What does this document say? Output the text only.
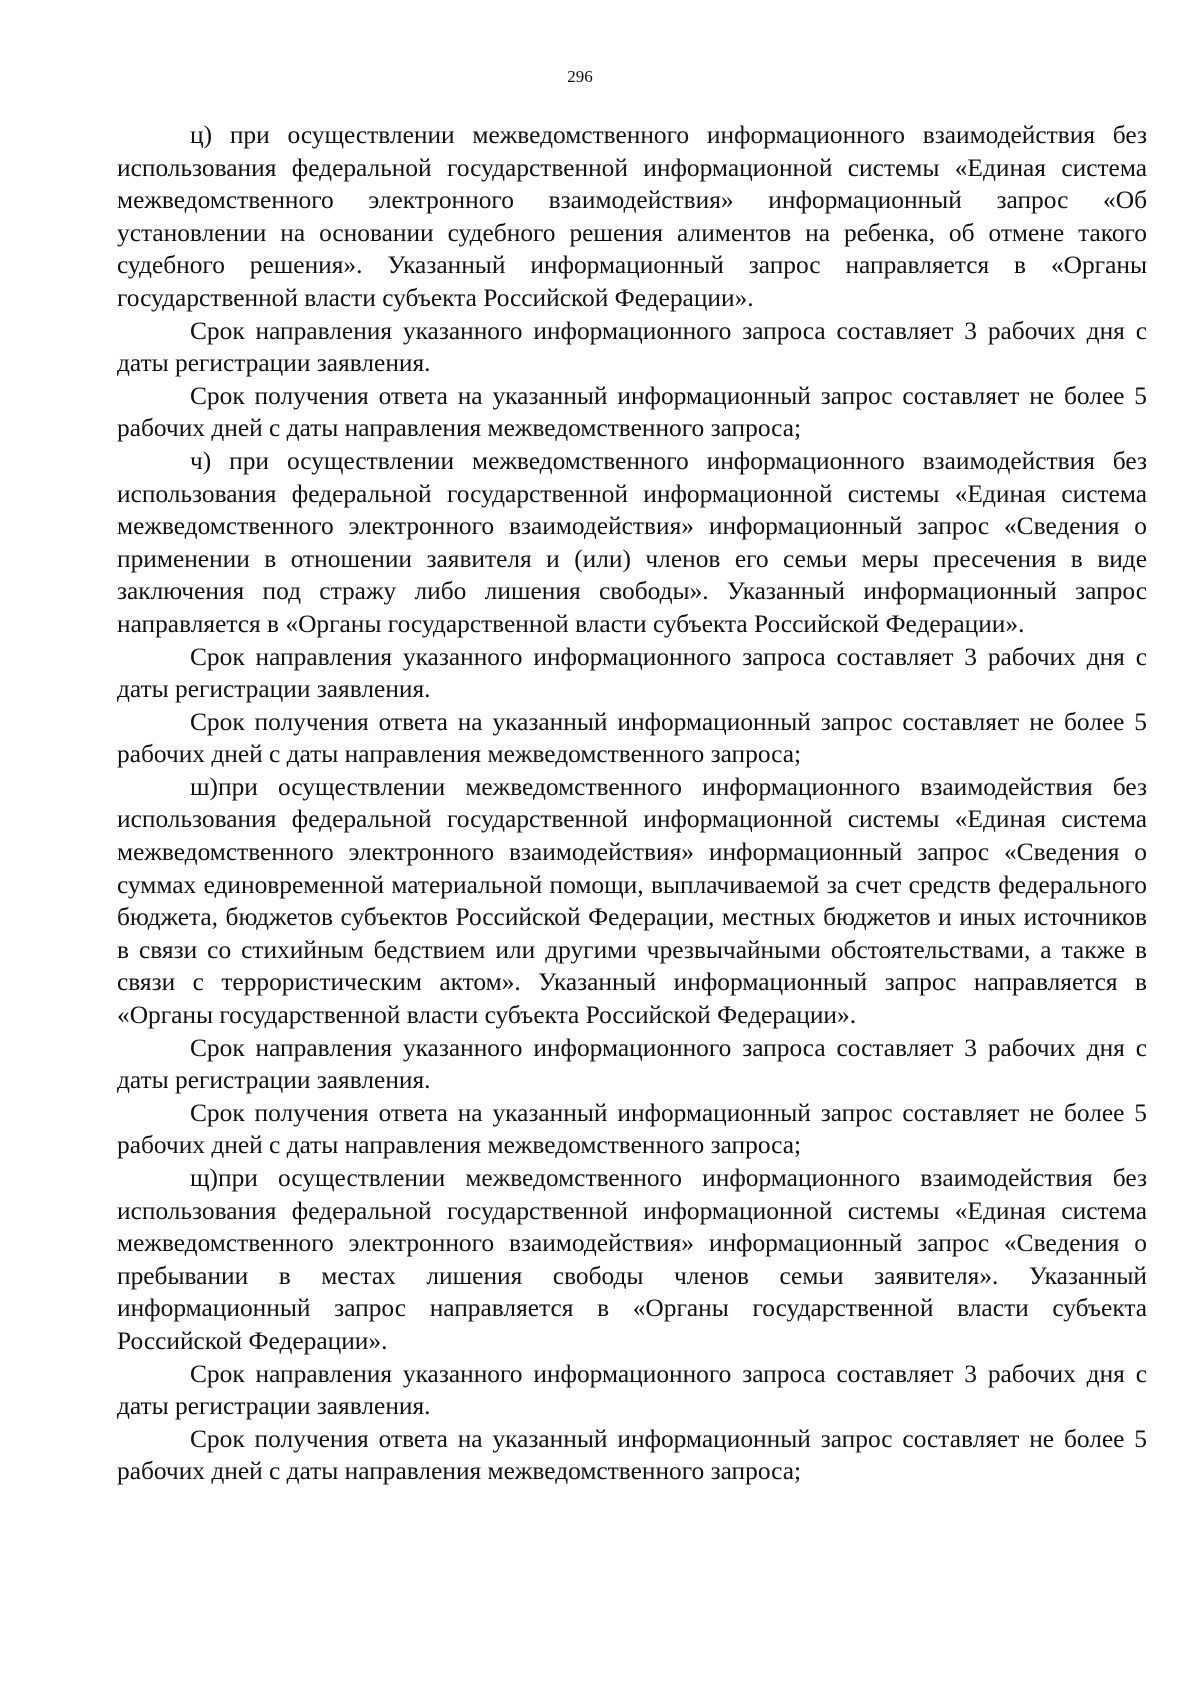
296

ц) при осуществлении межведомственного информационного взаимодействия без использования федеральной государственной информационной системы «Единая система межведомственного электронного взаимодействия» информационный запрос «Об установлении на основании судебного решения алиментов на ребенка, об отмене такого судебного решения». Указанный информационный запрос направляется в «Органы государственной власти субъекта Российской Федерации».

Срок направления указанного информационного запроса составляет 3 рабочих дня с даты регистрации заявления.

Срок получения ответа на указанный информационный запрос составляет не более 5 рабочих дней с даты направления межведомственного запроса;

ч) при осуществлении межведомственного информационного взаимодействия без использования федеральной государственной информационной системы «Единая система межведомственного электронного взаимодействия» информационный запрос «Сведения о применении в отношении заявителя и (или) членов его семьи меры пресечения в виде заключения под стражу либо лишения свободы». Указанный информационный запрос направляется в «Органы государственной власти субъекта Российской Федерации».

Срок направления указанного информационного запроса составляет 3 рабочих дня с даты регистрации заявления.

Срок получения ответа на указанный информационный запрос составляет не более 5 рабочих дней с даты направления межведомственного запроса;

ш)при осуществлении межведомственного информационного взаимодействия без использования федеральной государственной информационной системы «Единая система межведомственного электронного взаимодействия» информационный запрос «Сведения о суммах единовременной материальной помощи, выплачиваемой за счет средств федерального бюджета, бюджетов субъектов Российской Федерации, местных бюджетов и иных источников в связи со стихийным бедствием или другими чрезвычайными обстоятельствами, а также в связи с террористическим актом». Указанный информационный запрос направляется в «Органы государственной власти субъекта Российской Федерации».

Срок направления указанного информационного запроса составляет 3 рабочих дня с даты регистрации заявления.

Срок получения ответа на указанный информационный запрос составляет не более 5 рабочих дней с даты направления межведомственного запроса;

щ)при осуществлении межведомственного информационного взаимодействия без использования федеральной государственной информационной системы «Единая система межведомственного электронного взаимодействия» информационный запрос «Сведения о пребывании в местах лишения свободы членов семьи заявителя». Указанный информационный запрос направляется в «Органы государственной власти субъекта Российской Федерации».

Срок направления указанного информационного запроса составляет 3 рабочих дня с даты регистрации заявления.

Срок получения ответа на указанный информационный запрос составляет не более 5 рабочих дней с даты направления межведомственного запроса;
